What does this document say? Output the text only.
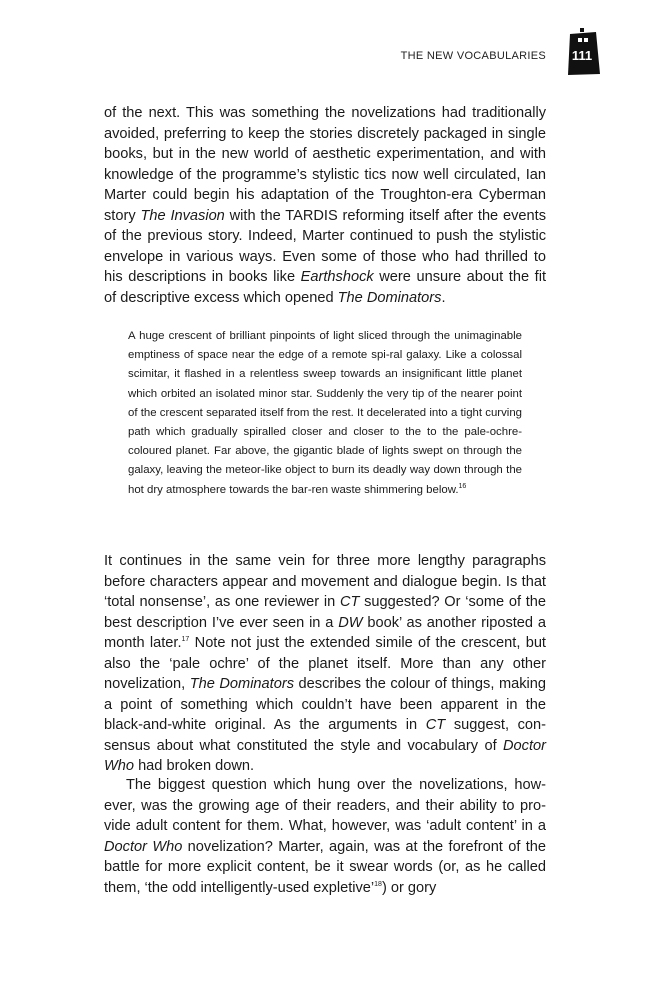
THE NEW VOCABULARIES	111

of the next. This was something the novelizations had traditionally avoided, preferring to keep the stories discretely packaged in single books, but in the new world of aesthetic experimentation, and with knowledge of the programme’s stylistic tics now well circulated, Ian Marter could begin his adaptation of the Troughton-era Cyberman story The Invasion with the TARDIS reforming itself after the events of the previous story. Indeed, Marter continued to push the stylistic envelope in various ways. Even some of those who had thrilled to his descriptions in books like Earthshock were unsure about the fit of descriptive excess which opened The Dominators.

A huge crescent of brilliant pinpoints of light sliced through the unimaginable emptiness of space near the edge of a remote spi-ral galaxy. Like a colossal scimitar, it flashed in a relentless sweep towards an insignificant little planet which orbited an isolated minor star. Suddenly the very tip of the nearer point of the crescent separated itself from the rest. It decelerated into a tight curving path which gradually spiralled closer and closer to the to the pale-ochre-coloured planet. Far above, the gigantic blade of lights swept on through the galaxy, leaving the meteor-like object to burn its deadly way down through the hot dry atmosphere towards the bar-ren waste shimmering below.$^{16}$

It continues in the same vein for three more lengthy paragraphs before characters appear and movement and dialogue begin. Is that ‘total nonsense’, as one reviewer in CT suggested? Or ‘some of the best description I’ve ever seen in a DW book’ as another riposted a month later.$^{17}$ Note not just the extended simile of the crescent, but also the ‘pale ochre’ of the planet itself. More than any other novelization, The Dominators describes the colour of things, making a point of something which couldn’t have been apparent in the black-and-white original. As the arguments in CT suggest, con-sensus about what constituted the style and vocabulary of Doctor Who had broken down.

The biggest question which hung over the novelizations, how-ever, was the growing age of their readers, and their ability to pro-vide adult content for them. What, however, was ‘adult content’ in a Doctor Who novelization? Marter, again, was at the forefront of the battle for more explicit content, be it swear words (or, as he called them, ‘the odd intelligently-used expletive’$^{18}$) or gory
